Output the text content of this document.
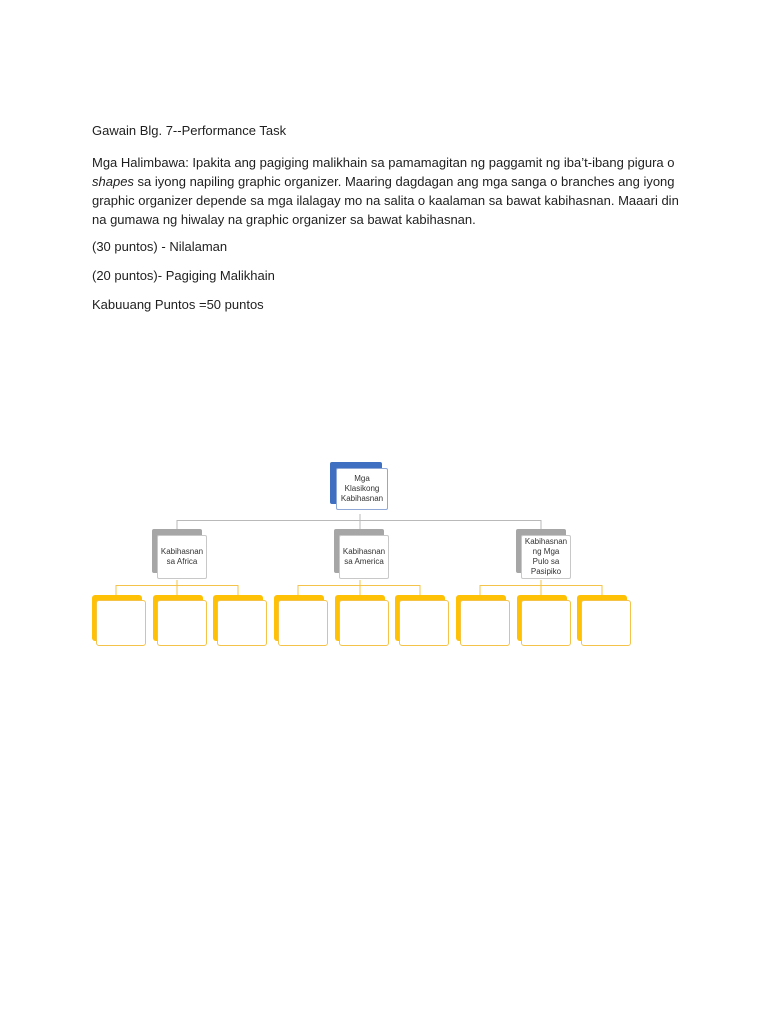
Gawain Blg. 7--Performance Task

Mga Halimbawa: Ipakita ang pagiging malikhain sa pamamagitan ng paggamit ng iba’t-ibang pigura o shapes sa iyong napiling graphic organizer. Maaring dagdagan ang mga sanga o branches ang iyong graphic organizer depende sa mga ilalagay mo na salita o kaalaman sa bawat kabihasnan. Maaari din na gumawa ng hiwalay na graphic organizer sa bawat kabihasnan.

(30 puntos) - Nilalaman

(20 puntos)- Pagiging Malikhain

Kabuuang Puntos =50 puntos

Mga Klasikong Kabihasnan
Kabihasnan sa Africa
Kabihasnan sa America
Kabihasnan ng Mga Pulo sa Pasipiko
